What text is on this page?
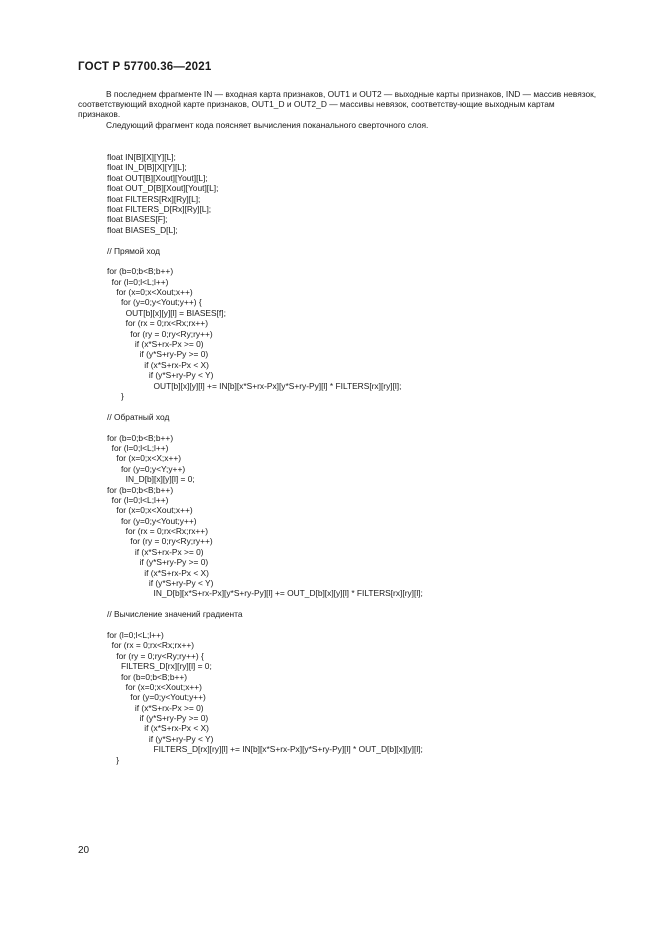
ГОСТ Р 57700.36—2021

В последнем фрагменте IN — входная карта признаков, OUT1 и OUT2 — выходные карты признаков, IND — массив невязок, соответствующий входной карте признаков, OUT1_D и OUT2_D — массивы невязок, соответству-ющие выходным картам признаков.

Следующий фрагмент кода поясняет вычисления поканального сверточного слоя.

float IN[B][X][Y][L];
float IN_D[B][X][Y][L];
float OUT[B][Xout][Yout][L];
float OUT_D[B][Xout][Yout][L];
float FILTERS[Rx][Ry][L];
float FILTERS_D[Rx][Ry][L];
float BIASES[F];
float BIASES_D[L];
// Прямой ход
for (b=0;b<B;b++)
for (l=0;l<L;l++)
for (x=0;x<Xout;x++)
for (y=0;y<Yout;y++) {
OUT[b][x][y][l] = BIASES[f];
for (rx = 0;rx<Rx;rx++)
for (ry = 0;ry<Ry;ry++)
if (x*S+rx-Px >= 0)
if (y*S+ry-Py >= 0)
if (x*S+rx-Px < X)
if (y*S+ry-Py < Y)
OUT[b][x][y][l] += IN[b][x*S+rx-Px][y*S+ry-Py][l] * FILTERS[rx][ry][l];
}
// Обратный ход
for (b=0;b<B;b++)
for (l=0;l<L;l++)
for (x=0;x<X;x++)
for (y=0;y<Y;y++)
IN_D[b][x][y][l] = 0;
for (b=0;b<B;b++)
for (l=0;l<L;l++)
for (x=0;x<Xout;x++)
for (y=0;y<Yout;y++)
for (rx = 0;rx<Rx;rx++)
for (ry = 0;ry<Ry;ry++)
if (x*S+rx-Px >= 0)
if (y*S+ry-Py >= 0)
if (x*S+rx-Px < X)
if (y*S+ry-Py < Y)
IN_D[b][x*S+rx-Px][y*S+ry-Py][l] += OUT_D[b][x][y][l] * FILTERS[rx][ry][l];
// Вычисление значений градиента
for (l=0;l<L;l++)
for (rx = 0;rx<Rx;rx++)
for (ry = 0;ry<Ry;ry++) {
FILTERS_D[rx][ry][l] = 0;
for (b=0;b<B;b++)
for (x=0;x<Xout;x++)
for (y=0;y<Yout;y++)
if (x*S+rx-Px >= 0)
if (y*S+ry-Py >= 0)
if (x*S+rx-Px < X)
if (y*S+ry-Py < Y)
FILTERS_D[rx][ry][l] += IN[b][x*S+rx-Px][y*S+ry-Py][l] * OUT_D[b][x][y][l];
}
20
